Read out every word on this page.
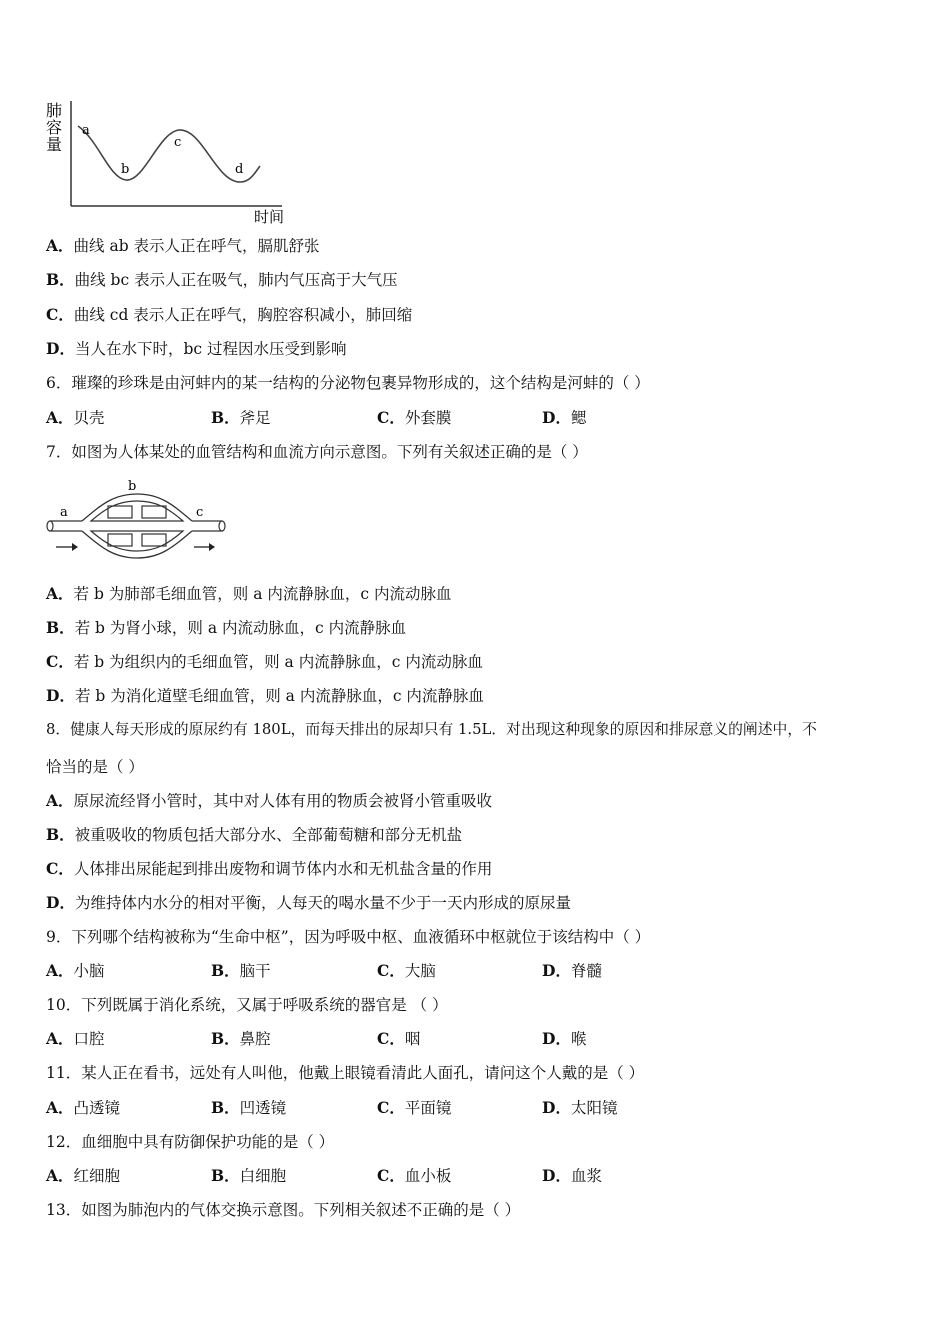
肺
容
量
a
b
c
d
时间
A．曲线 ab 表示人正在呼气，膈肌舒张
B．曲线 bc 表示人正在吸气，肺内气压高于大气压
C．曲线 cd 表示人正在呼气，胸腔容积减小，肺回缩
D．当人在水下时，bc 过程因水压受到影响
6．璀璨的珍珠是由河蚌内的某一结构的分泌物包裹异物形成的，这个结构是河蚌的（ ）
A．贝壳	B．斧足	C．外套膜	D．鳃
7．如图为人体某处的血管结构和血流方向示意图。下列有关叙述正确的是（ ）
a
b
c
A．若 b 为肺部毛细血管，则 a 内流静脉血，c 内流动脉血
B．若 b 为肾小球，则 a 内流动脉血，c 内流静脉血
C．若 b 为组织内的毛细血管，则 a 内流静脉血，c 内流动脉血
D．若 b 为消化道壁毛细血管，则 a 内流静脉血，c 内流静脉血
8．健康人每天形成的原尿约有 180L，而每天排出的尿却只有 1.5L．对出现这种现象的原因和排尿意义的阐述中，不
恰当的是（ ）
A．原尿流经肾小管时，其中对人体有用的物质会被肾小管重吸收
B．被重吸收的物质包括大部分水、全部葡萄糖和部分无机盐
C．人体排出尿能起到排出废物和调节体内水和无机盐含量的作用
D．为维持体内水分的相对平衡，人每天的喝水量不少于一天内形成的原尿量
9．下列哪个结构被称为“生命中枢”，因为呼吸中枢、血液循环中枢就位于该结构中（ ）
A．小脑	B．脑干	C．大脑	D．脊髓
10．下列既属于消化系统，又属于呼吸系统的器官是 （ ）
A．口腔	B．鼻腔	C．咽	D．喉
11．某人正在看书，远处有人叫他，他戴上眼镜看清此人面孔，请问这个人戴的是（ ）
A．凸透镜	B．凹透镜	C．平面镜	D．太阳镜
12．血细胞中具有防御保护功能的是（ ）
A．红细胞	B．白细胞	C．血小板	D．血浆
13．如图为肺泡内的气体交换示意图。下列相关叙述不正确的是（ ）
